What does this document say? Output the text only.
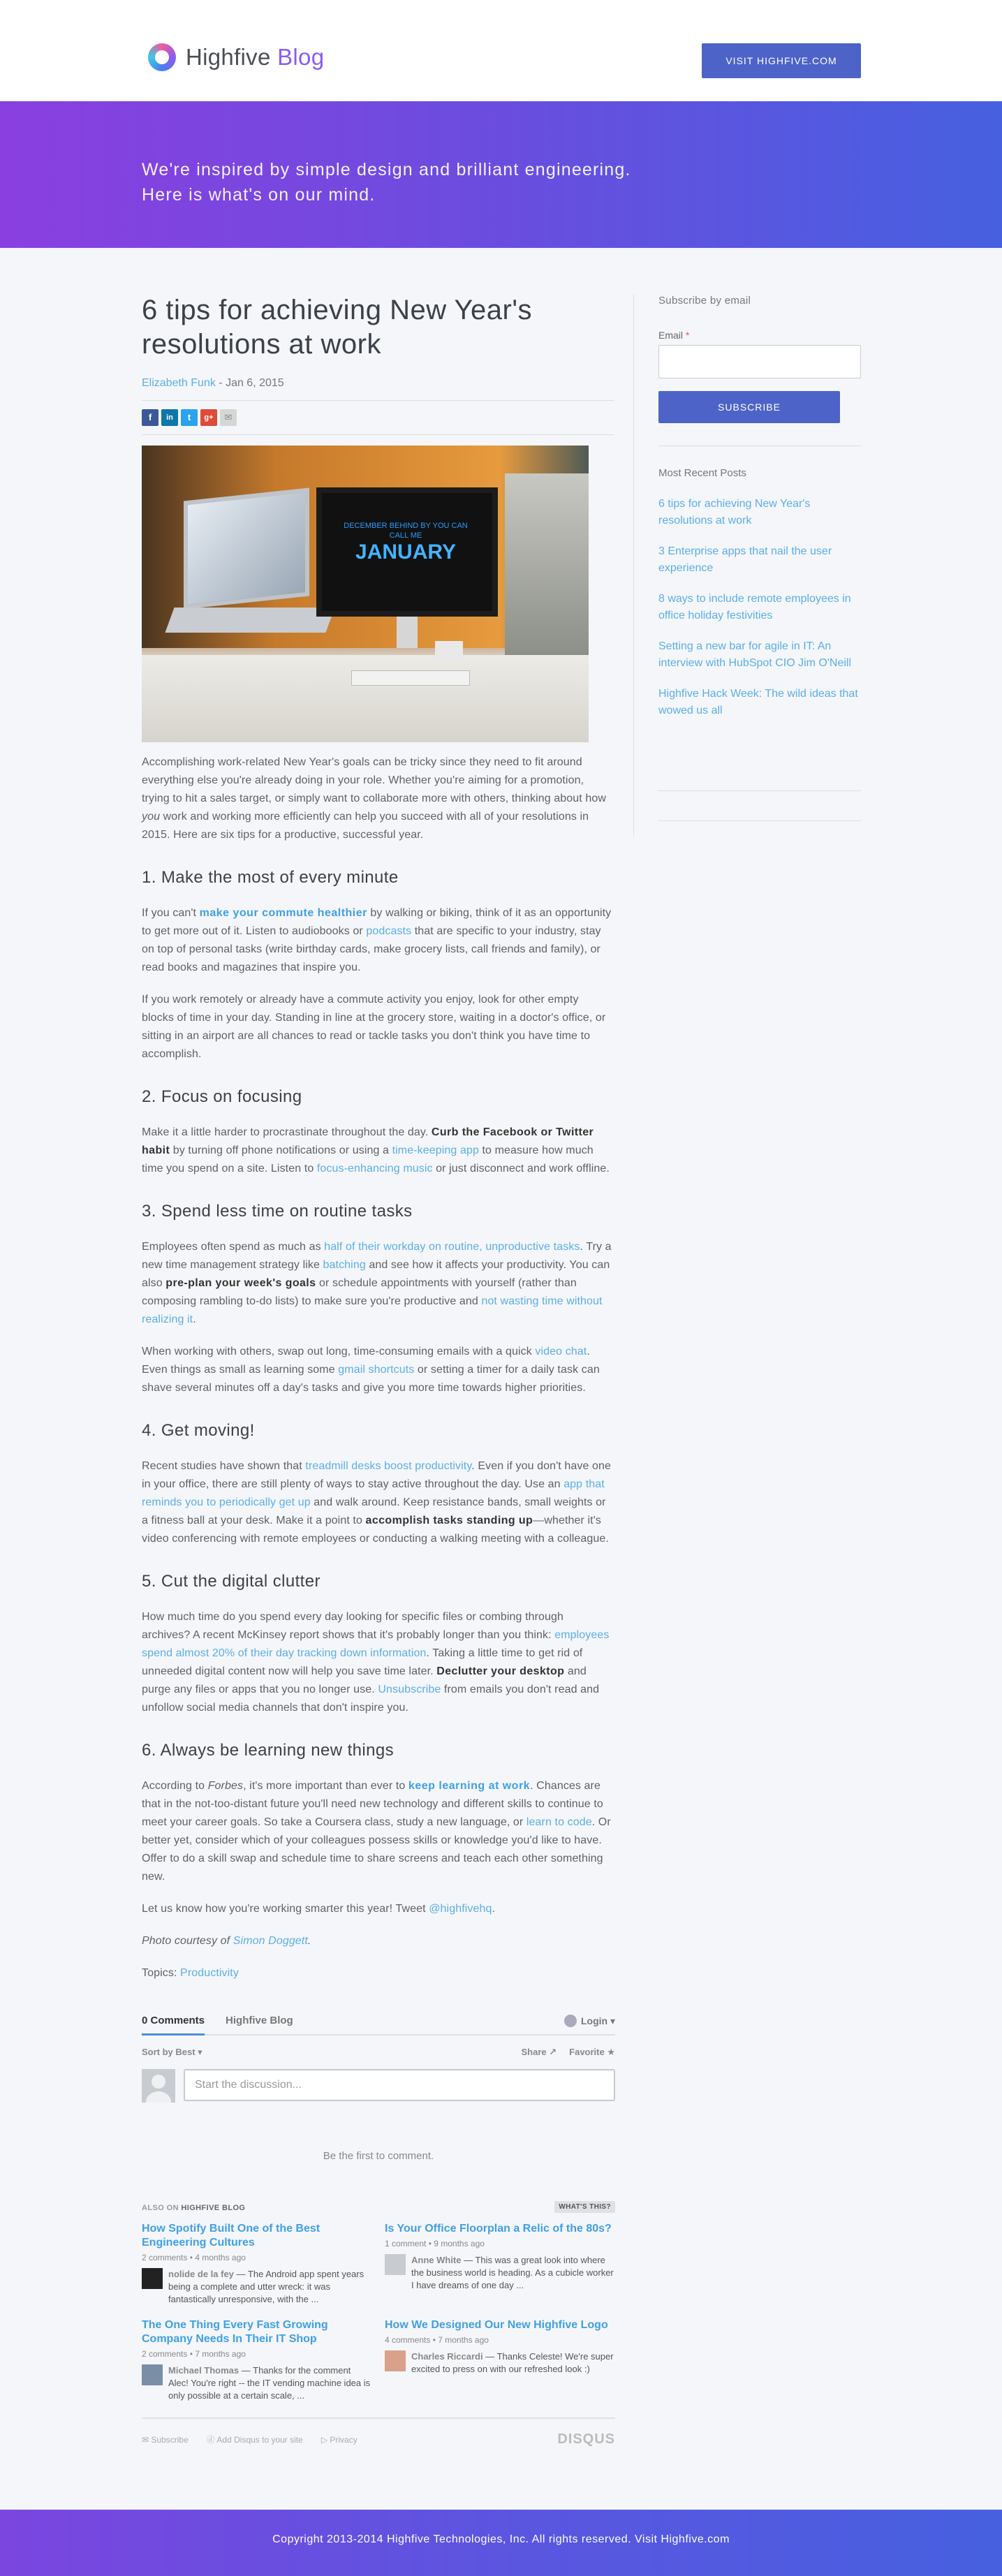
Highfive Blog	VISIT HIGHFIVE.COM

We're inspired by simple design and brilliant engineering.
Here is what's on our mind.

6 tips for achieving New Year's resolutions at work
Elizabeth Funk - Jan 6, 2015
f	in	t	g+	✉
DECEMBER BEHIND BY YOU CAN CALL ME
JANUARY

Accomplishing work-related New Year's goals can be tricky since they need to fit around everything else you're already doing in your role. Whether you're aiming for a promotion, trying to hit a sales target, or simply want to collaborate more with others, thinking about how you work and working more efficiently can help you succeed with all of your resolutions in 2015. Here are six tips for a productive, successful year.

1. Make the most of every minute

If you can't make your commute healthier by walking or biking, think of it as an opportunity to get more out of it. Listen to audiobooks or podcasts that are specific to your industry, stay on top of personal tasks (write birthday cards, make grocery lists, call friends and family), or read books and magazines that inspire you.

If you work remotely or already have a commute activity you enjoy, look for other empty blocks of time in your day. Standing in line at the grocery store, waiting in a doctor's office, or sitting in an airport are all chances to read or tackle tasks you don't think you have time to accomplish.

2. Focus on focusing

Make it a little harder to procrastinate throughout the day. Curb the Facebook or Twitter habit by turning off phone notifications or using a time-keeping app to measure how much time you spend on a site. Listen to focus-enhancing music or just disconnect and work offline.

3. Spend less time on routine tasks

Employees often spend as much as half of their workday on routine, unproductive tasks. Try a new time management strategy like batching and see how it affects your productivity. You can also pre-plan your week's goals or schedule appointments with yourself (rather than composing rambling to-do lists) to make sure you're productive and not wasting time without realizing it.

When working with others, swap out long, time-consuming emails with a quick video chat. Even things as small as learning some gmail shortcuts or setting a timer for a daily task can shave several minutes off a day's tasks and give you more time towards higher priorities.

4. Get moving!

Recent studies have shown that treadmill desks boost productivity. Even if you don't have one in your office, there are still plenty of ways to stay active throughout the day. Use an app that reminds you to periodically get up and walk around. Keep resistance bands, small weights or a fitness ball at your desk. Make it a point to accomplish tasks standing up—whether it's video conferencing with remote employees or conducting a walking meeting with a colleague.

5. Cut the digital clutter

How much time do you spend every day looking for specific files or combing through archives? A recent McKinsey report shows that it's probably longer than you think: employees spend almost 20% of their day tracking down information. Taking a little time to get rid of unneeded digital content now will help you save time later. Declutter your desktop and purge any files or apps that you no longer use. Unsubscribe from emails you don't read and unfollow social media channels that don't inspire you.

6. Always be learning new things

According to Forbes, it's more important than ever to keep learning at work. Chances are that in the not-too-distant future you'll need new technology and different skills to continue to meet your career goals. So take a Coursera class, study a new language, or learn to code. Or better yet, consider which of your colleagues possess skills or knowledge you'd like to have. Offer to do a skill swap and schedule time to share screens and teach each other something new.

Let us know how you're working smarter this year! Tweet @highfivehq.

Photo courtesy of Simon Doggett.

Topics: Productivity

0 Comments Highfive Blog	Login ▾
Sort by Best ▾	Share ↗ Favorite ★
Start the discussion...
Be the first to comment.
ALSO ON HIGHFIVE BLOG	WHAT'S THIS?
How Spotify Built One of the Best Engineering Cultures
2 comments • 4 months ago

nolide de la fey — The Android app spent years being a complete and utter wreck: it was fantastically unresponsive, with the ...

Is Your Office Floorplan a Relic of the 80s?
1 comment • 9 months ago

Anne White — This was a great look into where the business world is heading. As a cubicle worker I have dreams of one day ...

The One Thing Every Fast Growing Company Needs In Their IT Shop
2 comments • 7 months ago

Michael Thomas — Thanks for the comment Alec! You're right -- the IT vending machine idea is only possible at a certain scale, ...

How We Designed Our New Highfive Logo
4 comments • 7 months ago

Charles Riccardi — Thanks Celeste! We're super excited to press on with our refreshed look :)

✉ Subscribe ⓓ Add Disqus to your site ▷ Privacy	DISQUS
Subscribe by email
Email *
SUBSCRIBE
Most Recent Posts
6 tips for achieving New Year's resolutions at work
3 Enterprise apps that nail the user experience
8 ways to include remote employees in office holiday festivities
Setting a new bar for agile in IT: An interview with HubSpot CIO Jim O'Neill
Highfive Hack Week: The wild ideas that wowed us all
Copyright 2013-2014 Highfive Technologies, Inc. All rights reserved. Visit Highfive.com
